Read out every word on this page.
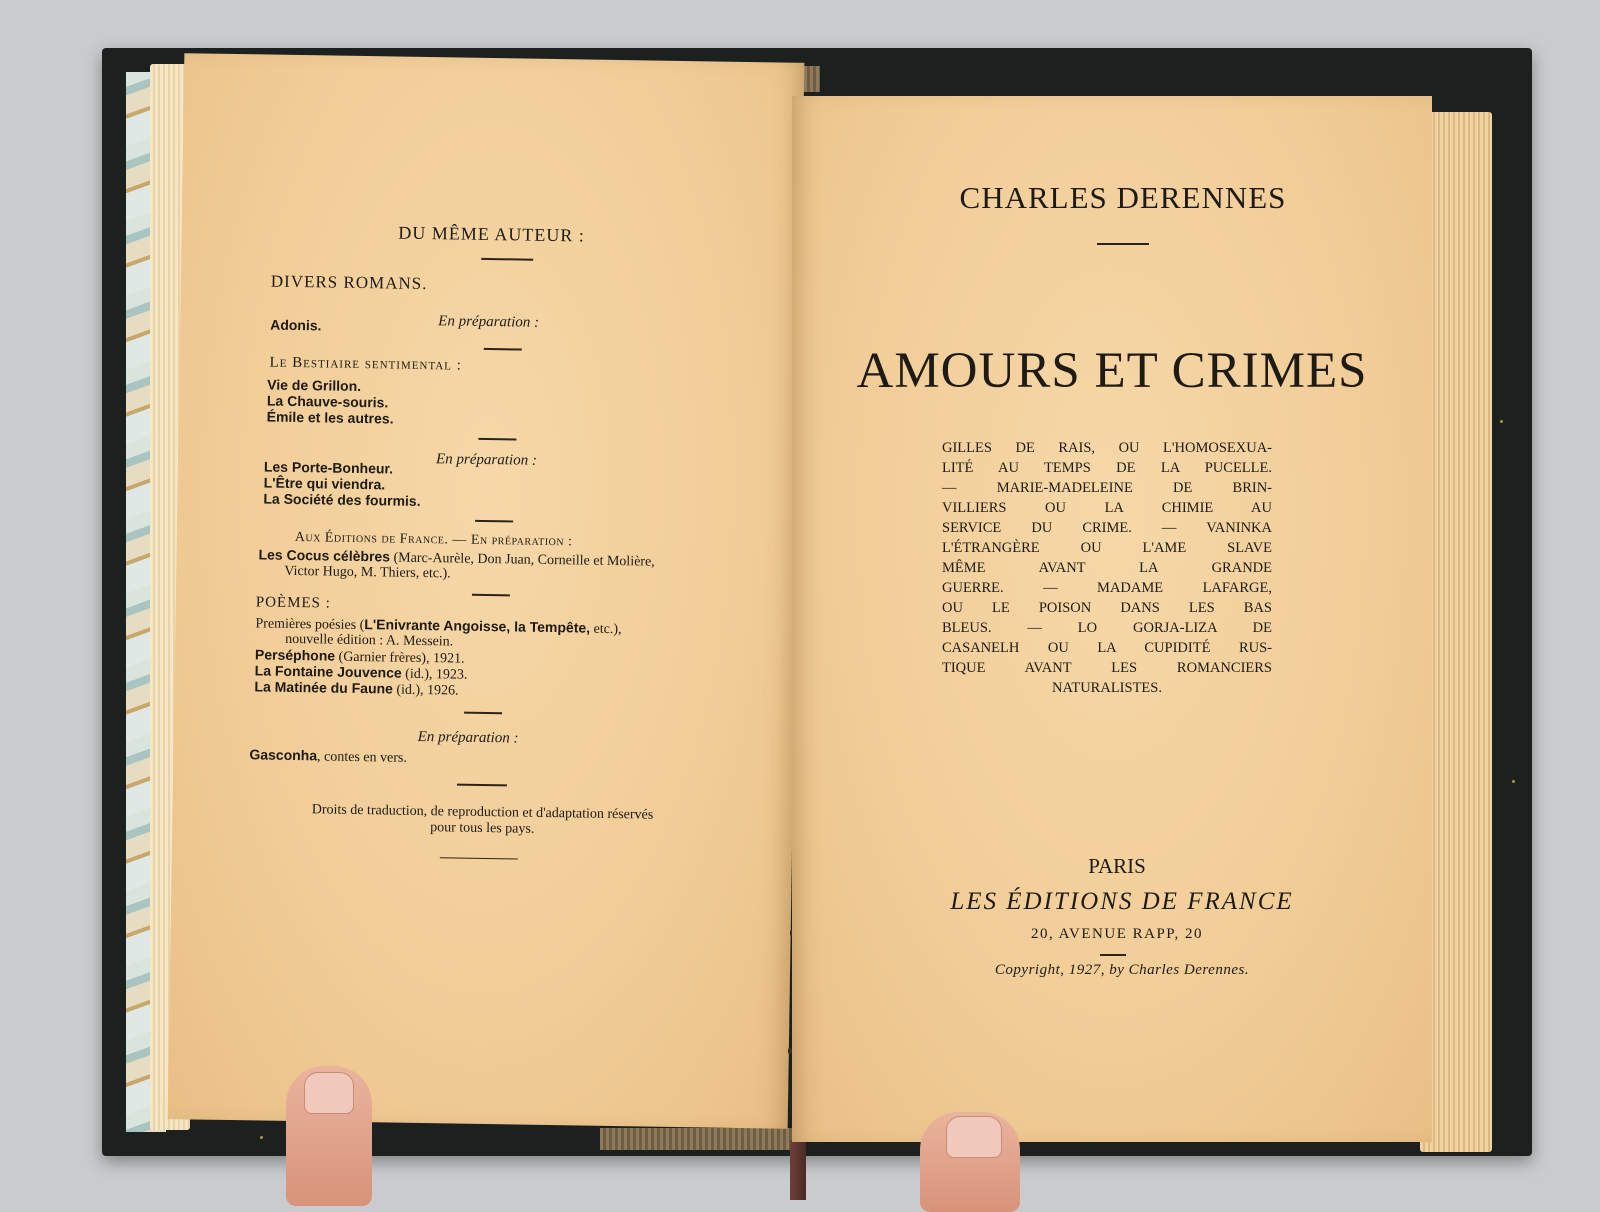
DU MÊME AUTEUR :
DIVERS ROMANS.
En préparation :
Adonis.
Le Bestiaire sentimental :
Vie de Grillon.
La Chauve-souris.
Émile et les autres.
En préparation :
Les Porte-Bonheur.
L'Être qui viendra.
La Société des fourmis.
Aux Éditions de France. — En préparation :
Les Cocus célèbres (Marc-Aurèle, Don Juan, Corneille et Molière,
Victor Hugo, M. Thiers, etc.).
POÈMES :
Premières poésies (L'Enivrante Angoisse, la Tempête, etc.),
nouvelle édition : A. Messein.
Perséphone (Garnier frères), 1921.
La Fontaine Jouvence (id.), 1923.
La Matinée du Faune (id.), 1926.
En préparation :
Gasconha, contes en vers.
Droits de traduction, de reproduction et d'adaptation réservés
pour tous les pays.
CHARLES DERENNES
AMOURS ET CRIMES
GILLES DE RAIS, OU L'HOMOSEXUA-
LITÉ AU TEMPS DE LA PUCELLE.
— MARIE-MADELEINE DE BRIN-
VILLIERS OU LA CHIMIE AU
SERVICE DU CRIME. — VANINKA
L'ÉTRANGÈRE OU L'AME SLAVE
MÊME AVANT LA GRANDE
GUERRE. — MADAME LAFARGE,
OU LE POISON DANS LES BAS
BLEUS. — LO GORJA-LIZA DE
CASANELH OU LA CUPIDITÉ RUS-
TIQUE AVANT LES ROMANCIERS
NATURALISTES.
PARIS
LES ÉDITIONS DE FRANCE
20, AVENUE RAPP, 20
Copyright, 1927, by Charles Derennes.
